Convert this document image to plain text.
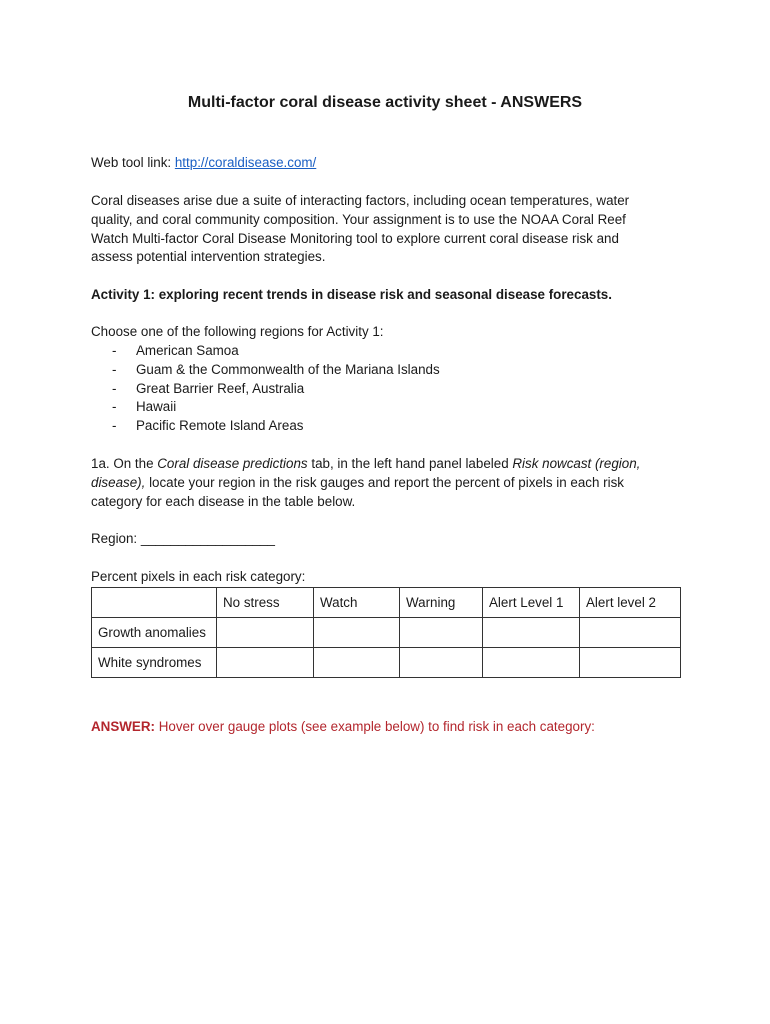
Multi-factor coral disease activity sheet - ANSWERS
Web tool link: http://coraldisease.com/
Coral diseases arise due a suite of interacting factors, including ocean temperatures, water
quality, and coral community composition. Your assignment is to use the NOAA Coral Reef
Watch Multi-factor Coral Disease Monitoring tool to explore current coral disease risk and
assess potential intervention strategies.
Activity 1: exploring recent trends in disease risk and seasonal disease forecasts.
Choose one of the following regions for Activity 1:
- American Samoa
- Guam & the Commonwealth of the Mariana Islands
- Great Barrier Reef, Australia
- Hawaii
- Pacific Remote Island Areas
1a. On the Coral disease predictions tab, in the left hand panel labeled Risk nowcast (region,
disease), locate your region in the risk gauges and report the percent of pixels in each risk
category for each disease in the table below.
Region: __________________
Percent pixels in each risk category:
	No stress	Watch	Warning	Alert Level 1	Alert level 2
Growth anomalies					
White syndromes					
ANSWER: Hover over gauge plots (see example below) to find risk in each category:
